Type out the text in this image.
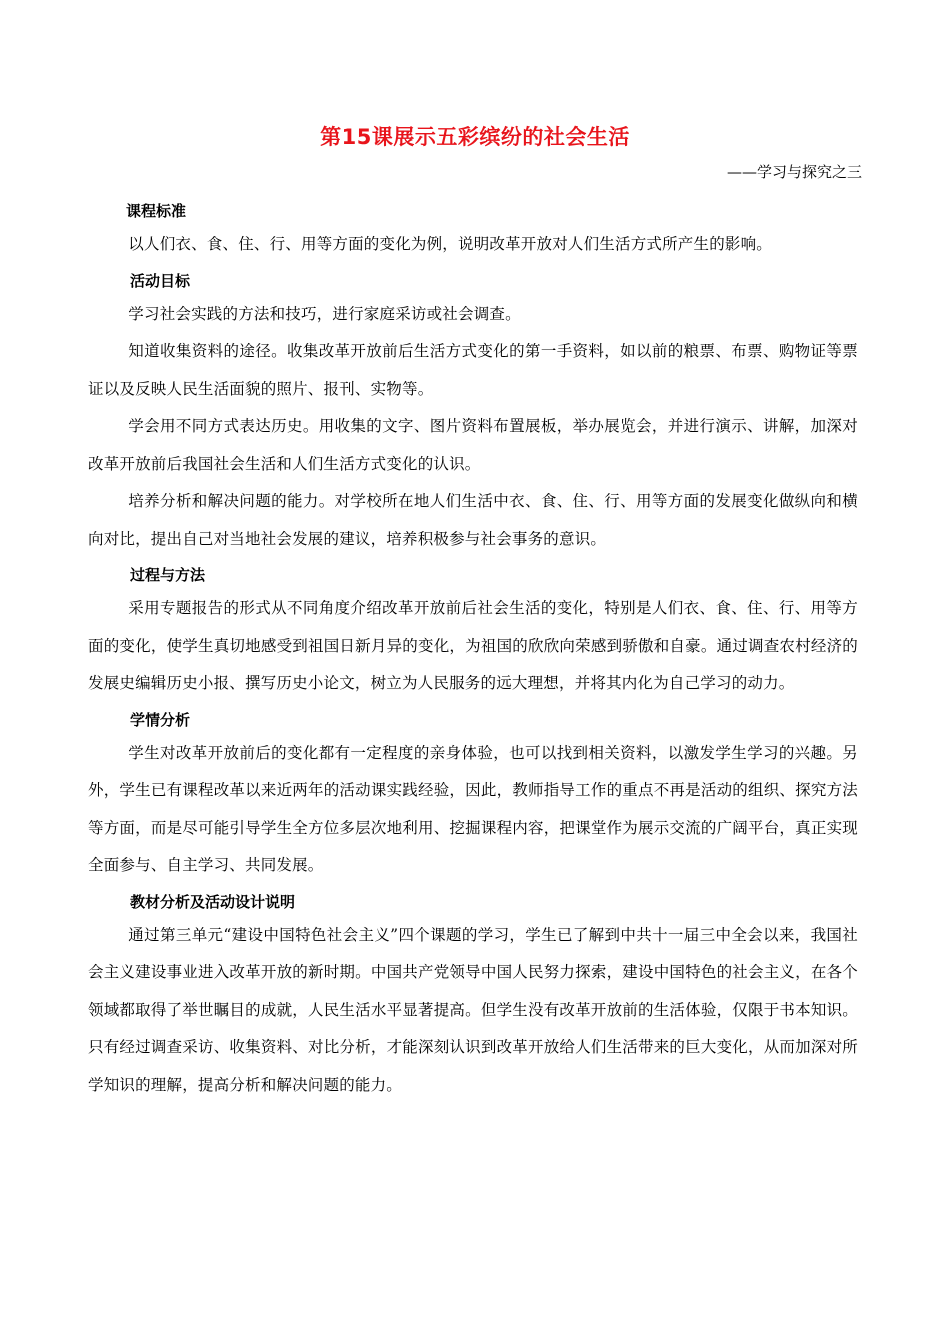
第15课展示五彩缤纷的社会生活
——学习与探究之三
课程标准

以人们衣、食、住、行、用等方面的变化为例，说明改革开放对人们生活方式所产生的影响。

活动目标

学习社会实践的方法和技巧，进行家庭采访或社会调查。

知道收集资料的途径。收集改革开放前后生活方式变化的第一手资料，如以前的粮票、布票、购物证等票证以及反映人民生活面貌的照片、报刊、实物等。

学会用不同方式表达历史。用收集的文字、图片资料布置展板，举办展览会，并进行演示、讲解，加深对改革开放前后我国社会生活和人们生活方式变化的认识。

培养分析和解决问题的能力。对学校所在地人们生活中衣、食、住、行、用等方面的发展变化做纵向和横向对比，提出自己对当地社会发展的建议，培养积极参与社会事务的意识。

过程与方法

采用专题报告的形式从不同角度介绍改革开放前后社会生活的变化，特别是人们衣、食、住、行、用等方面的变化，使学生真切地感受到祖国日新月异的变化，为祖国的欣欣向荣感到骄傲和自豪。通过调查农村经济的发展史编辑历史小报、撰写历史小论文，树立为人民服务的远大理想，并将其内化为自己学习的动力。

学情分析

学生对改革开放前后的变化都有一定程度的亲身体验，也可以找到相关资料，以激发学生学习的兴趣。另外，学生已有课程改革以来近两年的活动课实践经验，因此，教师指导工作的重点不再是活动的组织、探究方法等方面，而是尽可能引导学生全方位多层次地利用、挖掘课程内容，把课堂作为展示交流的广阔平台，真正实现全面参与、自主学习、共同发展。

教材分析及活动设计说明

通过第三单元“建设中国特色社会主义”四个课题的学习，学生已了解到中共十一届三中全会以来，我国社会主义建设事业进入改革开放的新时期。中国共产党领导中国人民努力探索，建设中国特色的社会主义，在各个领域都取得了举世瞩目的成就，人民生活水平显著提高。但学生没有改革开放前的生活体验，仅限于书本知识。只有经过调查采访、收集资料、对比分析，才能深刻认识到改革开放给人们生活带来的巨大变化，从而加深对所学知识的理解，提高分析和解决问题的能力。
